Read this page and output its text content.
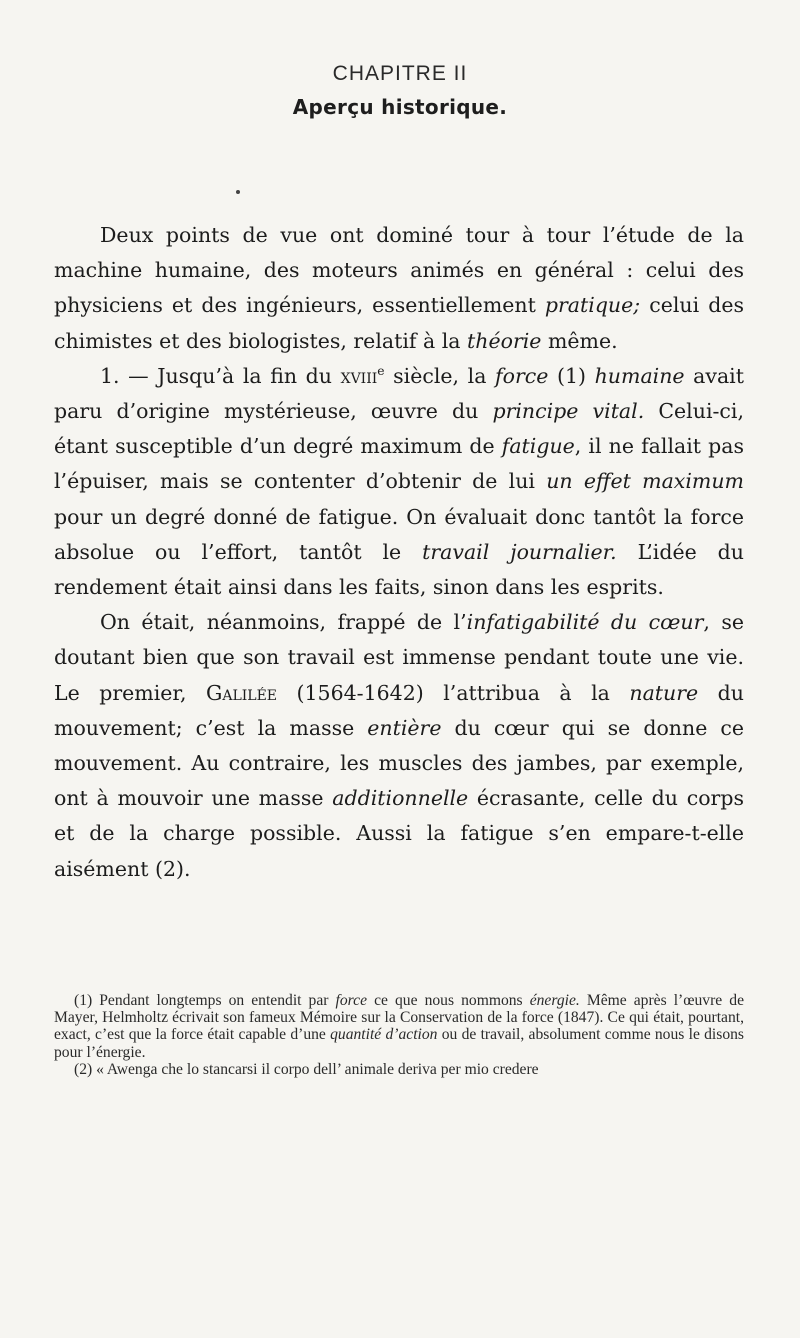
CHAPITRE II
Aperçu historique.

Deux points de vue ont dominé tour à tour l’étude de la machine humaine, des moteurs animés en général : celui des physiciens et des ingénieurs, essentiellement pratique; celui des chimistes et des biologistes, relatif à la théorie même.

1. — Jusqu’à la fin du xviii$^e$ siècle, la force (1) humaine avait paru d’origine mystérieuse, œuvre du principe vital. Celui-ci, étant susceptible d’un degré maximum de fatigue, il ne fallait pas l’épuiser, mais se contenter d’obtenir de lui un effet maximum pour un degré donné de fatigue. On évaluait donc tantôt la force absolue ou l’effort, tantôt le travail journalier. L’idée du rendement était ainsi dans les faits, sinon dans les esprits.

On était, néanmoins, frappé de l’infatigabilité du cœur, se doutant bien que son travail est immense pendant toute une vie. Le premier, Galilée (1564-1642) l’attribua à la nature du mouvement; c’est la masse entière du cœur qui se donne ce mouvement. Au contraire, les muscles des jambes, par exemple, ont à mouvoir une masse additionnelle écrasante, celle du corps et de la charge possible. Aussi la fatigue s’en empare-t-elle aisément (2).

(1) Pendant longtemps on entendit par force ce que nous nommons énergie. Même après l’œuvre de Mayer, Helmholtz écrivait son fameux Mémoire sur la Conservation de la force (1847). Ce qui était, pourtant, exact, c’est que la force était capable d’une quantité d’action ou de travail, absolument comme nous le disons pour l’énergie.

(2) « Awenga che lo stancarsi il corpo dell’ animale deriva per mio credere
